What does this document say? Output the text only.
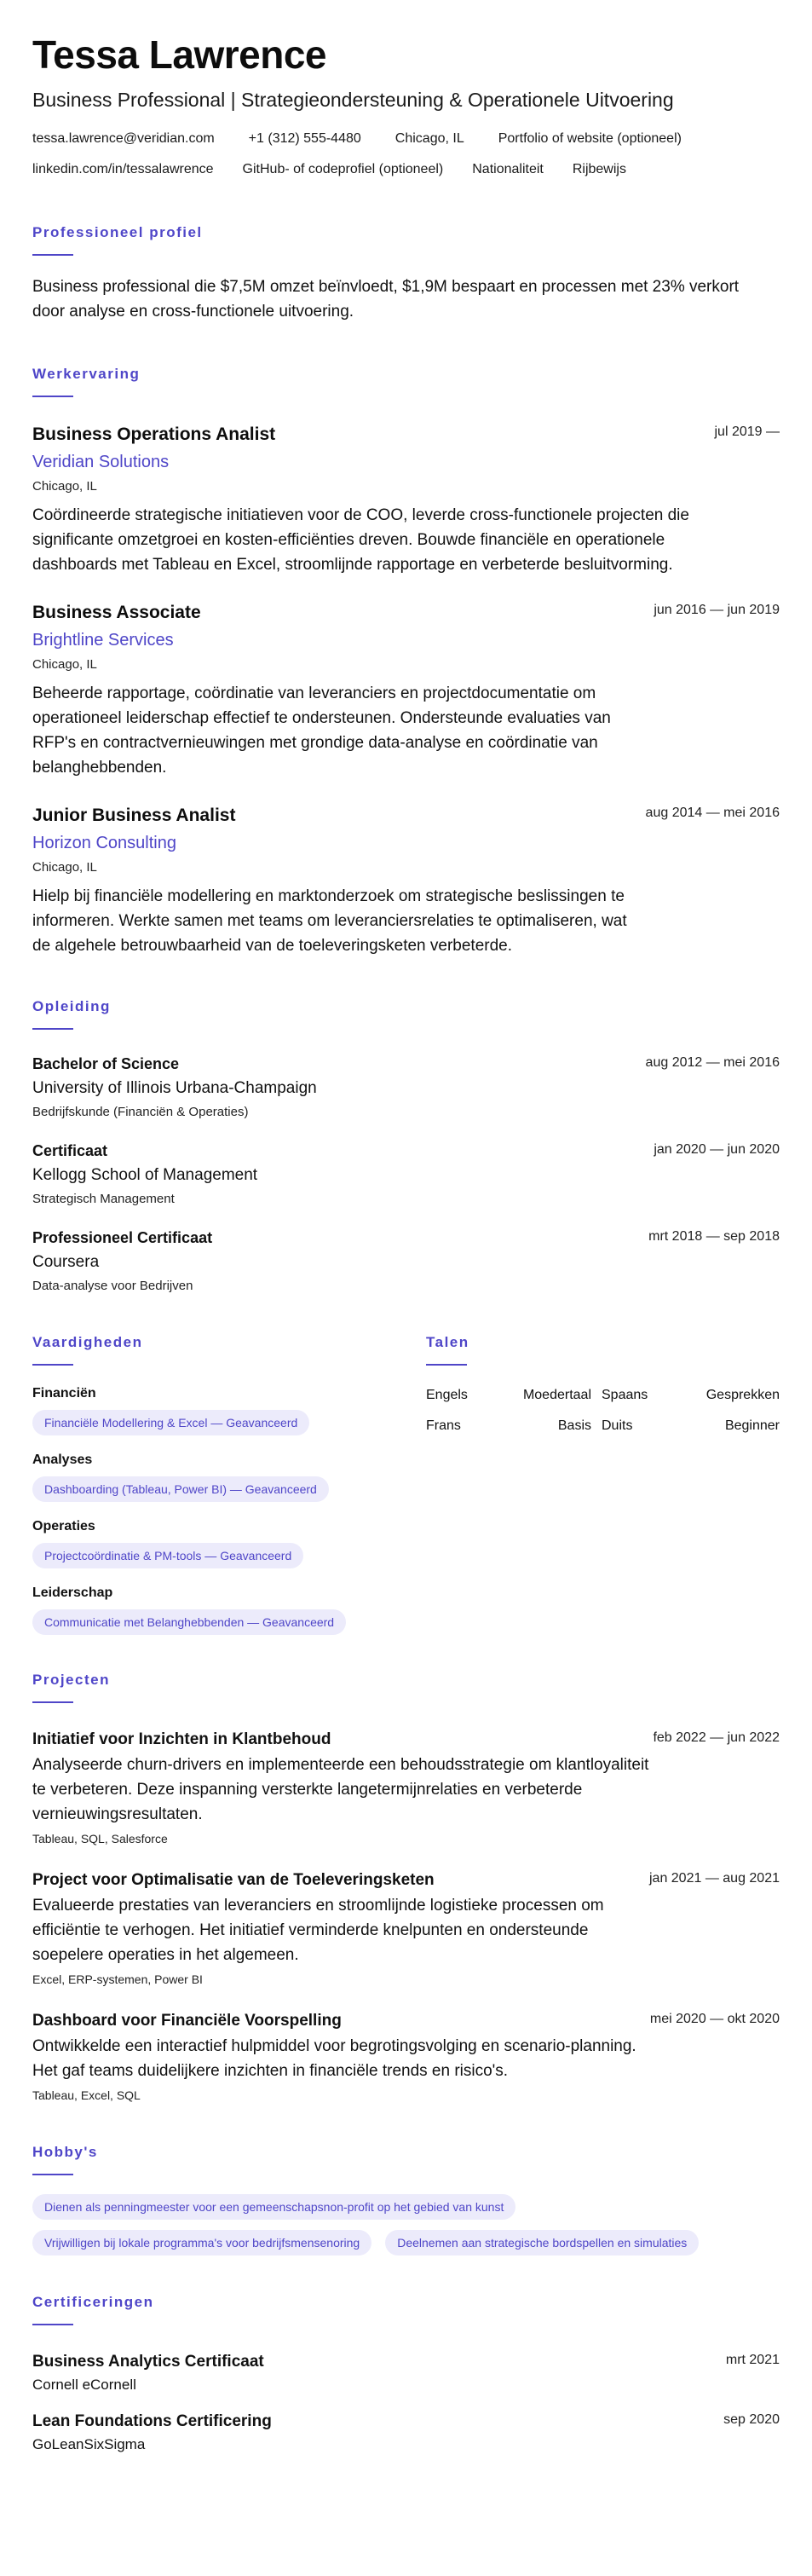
Tessa Lawrence
Business Professional | Strategieondersteuning & Operationele Uitvoering
tessa.lawrence@veridian.com	+1 (312) 555-4480	Chicago, IL	Portfolio of website (optioneel)
linkedin.com/in/tessalawrence GitHub- of codeprofiel (optioneel) Nationaliteit Rijbewijs
Professioneel profiel
Business professional die $7,5M omzet beïnvloedt, $1,9M bespaart en processen met 23% verkort door analyse en cross-functionele uitvoering.
Werkervaring
Business Operations Analist
Veridian Solutions
Chicago, IL
Coördineerde strategische initiatieven voor de COO, leverde cross-functionele projecten die significante omzetgroei en kosten-efficiënties dreven. Bouwde financiële en operationele dashboards met Tableau en Excel, stroomlijnde rapportage en verbeterde besluitvorming.
jul 2019 —
Business Associate
Brightline Services
Chicago, IL
Beheerde rapportage, coördinatie van leveranciers en projectdocumentatie om operationeel leiderschap effectief te ondersteunen. Ondersteunde evaluaties van RFP's en contractvernieuwingen met grondige data-analyse en coördinatie van belanghebbenden.
jun 2016 — jun 2019
Junior Business Analist
Horizon Consulting
Chicago, IL
Hielp bij financiële modellering en marktonderzoek om strategische beslissingen te informeren. Werkte samen met teams om leveranciersrelaties te optimaliseren, wat de algehele betrouwbaarheid van de toeleveringsketen verbeterde.
aug 2014 — mei 2016
Opleiding
Bachelor of Science
University of Illinois Urbana-Champaign
Bedrijfskunde (Financiën & Operaties)
aug 2012 — mei 2016
Certificaat
Kellogg School of Management
Strategisch Management
jan 2020 — jun 2020
Professioneel Certificaat
Coursera
Data-analyse voor Bedrijven
mrt 2018 — sep 2018
Vaardigheden
Financiën
Financiële Modellering & Excel — Geavanceerd
Analyses
Dashboarding (Tableau, Power BI) — Geavanceerd
Operaties
Projectcoördinatie & PM-tools — Geavanceerd
Leiderschap
Communicatie met Belanghebbenden — Geavanceerd
Talen
Engels	Moedertaal Spaans	Gesprekken
Frans	Basis Duits	Beginner
Projecten
Initiatief voor Inzichten in Klantbehoud
Analyseerde churn-drivers en implementeerde een behoudsstrategie om klantloyaliteit te verbeteren. Deze inspanning versterkte langetermijnrelaties en verbeterde vernieuwingsresultaten.
Tableau, SQL, Salesforce
feb 2022 — jun 2022
Project voor Optimalisatie van de Toeleveringsketen
Evalueerde prestaties van leveranciers en stroomlijnde logistieke processen om efficiëntie te verhogen. Het initiatief verminderde knelpunten en ondersteunde soepelere operaties in het algemeen.
Excel, ERP-systemen, Power BI
jan 2021 — aug 2021
Dashboard voor Financiële Voorspelling
Ontwikkelde een interactief hulpmiddel voor begrotingsvolging en scenario-planning. Het gaf teams duidelijkere inzichten in financiële trends en risico's.
Tableau, Excel, SQL
mei 2020 — okt 2020
Hobby's
Dienen als penningmeester voor een gemeenschapsnon-profit op het gebied van kunst
Vrijwilligen bij lokale programma's voor bedrijfsmensenoring	Deelnemen aan strategische bordspellen en simulaties
Certificeringen
Business Analytics Certificaat
Cornell eCornell
mrt 2021
Lean Foundations Certificering
GoLeanSixSigma
sep 2020
